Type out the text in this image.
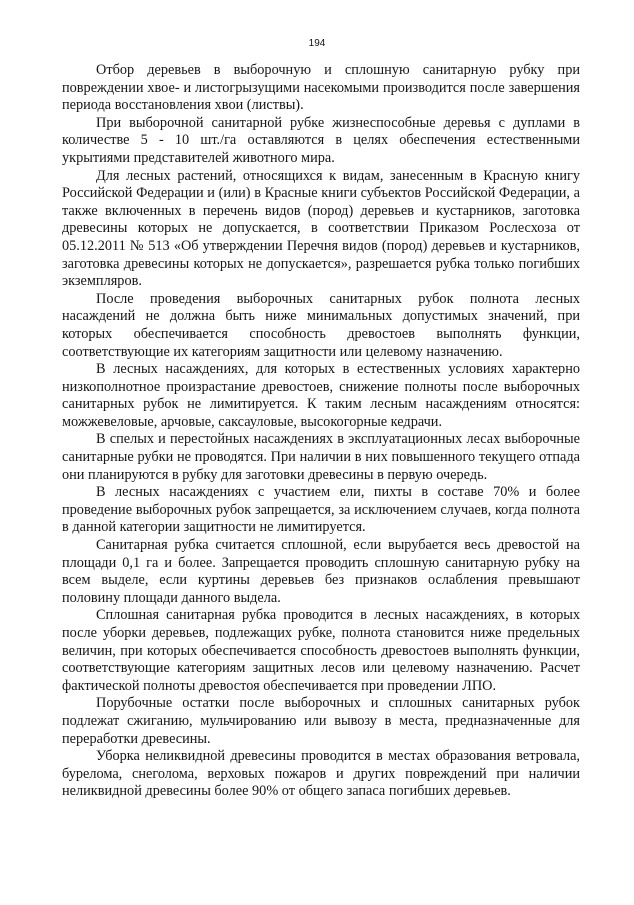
194

Отбор деревьев в выборочную и сплошную санитарную рубку при повреждении хвое- и листогрызущими насекомыми производится после завершения периода восстановления хвои (листвы).

При выборочной санитарной рубке жизнеспособные деревья с дуплами в количестве 5 - 10 шт./га оставляются в целях обеспечения естественными укрытиями представителей животного мира.

Для лесных растений, относящихся к видам, занесенным в Красную книгу Российской Федерации и (или) в Красные книги субъектов Российской Федерации, а также включенных в перечень видов (пород) деревьев и кустарников, заготовка древесины которых не допускается, в соответствии Приказом Рослесхоза от 05.12.2011 № 513 «Об утверждении Перечня видов (пород) деревьев и кустарников, заготовка древесины которых не допускается», разрешается рубка только погибших экземпляров.

После проведения выборочных санитарных рубок полнота лесных насаждений не должна быть ниже минимальных допустимых значений, при которых обеспечивается способность древостоев выполнять функции, соответствующие их категориям защитности или целевому назначению.

В лесных насаждениях, для которых в естественных условиях характерно низкополнотное произрастание древостоев, снижение полноты после выборочных санитарных рубок не лимитируется. К таким лесным насаждениям относятся: можжевеловые, арчовые, саксауловые, высокогорные кедрачи.

В спелых и перестойных насаждениях в эксплуатационных лесах выборочные санитарные рубки не проводятся. При наличии в них повышенного текущего отпада они планируются в рубку для заготовки древесины в первую очередь.

В лесных насаждениях с участием ели, пихты в составе 70% и более проведение выборочных рубок запрещается, за исключением случаев, когда полнота в данной категории защитности не лимитируется.

Санитарная рубка считается сплошной, если вырубается весь древостой на площади 0,1 га и более. Запрещается проводить сплошную санитарную рубку на всем выделе, если куртины деревьев без признаков ослабления превышают половину площади данного выдела.

Сплошная санитарная рубка проводится в лесных насаждениях, в которых после уборки деревьев, подлежащих рубке, полнота становится ниже предельных величин, при которых обеспечивается способность древостоев выполнять функции, соответствующие категориям защитных лесов или целевому назначению. Расчет фактической полноты древостоя обеспечивается при проведении ЛПО.

Порубочные остатки после выборочных и сплошных санитарных рубок подлежат сжиганию, мульчированию или вывозу в места, предназначенные для переработки древесины.

Уборка неликвидной древесины проводится в местах образования ветровала, бурелома, снеголома, верховых пожаров и других повреждений при наличии неликвидной древесины более 90% от общего запаса погибших деревьев.
